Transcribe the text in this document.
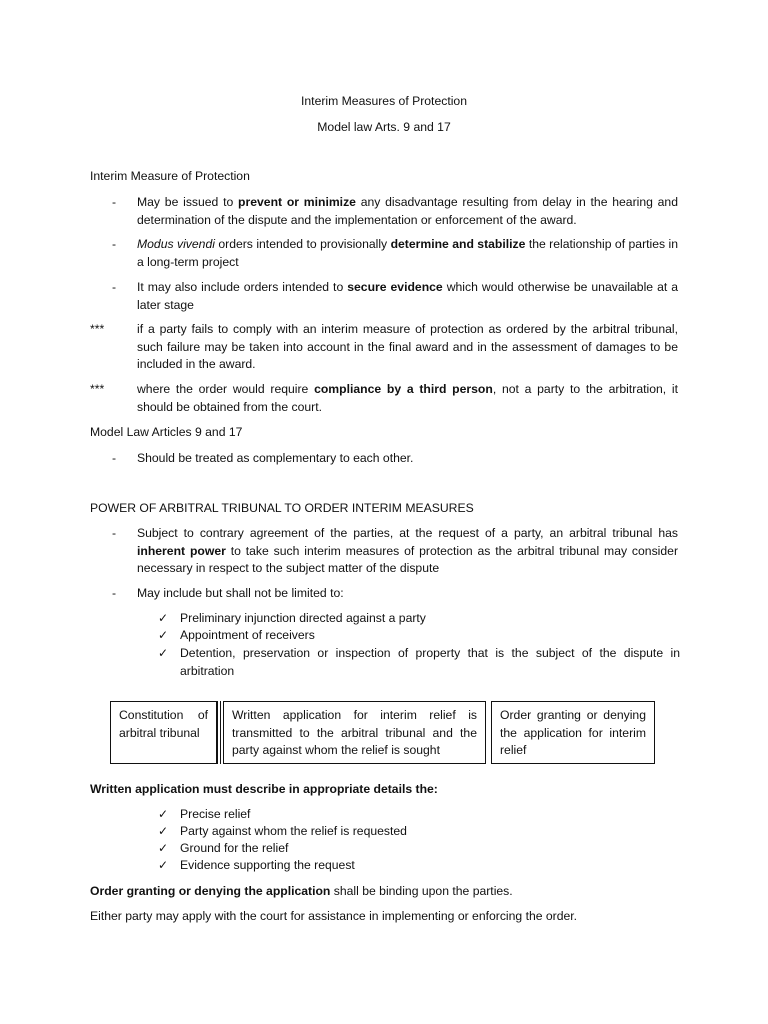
Interim Measures of Protection
Model law Arts. 9 and 17
Interim Measure of Protection
- May be issued to prevent or minimize any disadvantage resulting from delay in the hearing and determination of the dispute and the implementation or enforcement of the award.
- Modus vivendi orders intended to provisionally determine and stabilize the relationship of parties in a long-term project
- It may also include orders intended to secure evidence which would otherwise be unavailable at a later stage
***	if a party fails to comply with an interim measure of protection as ordered by the arbitral tribunal, such failure may be taken into account in the final award and in the assessment of damages to be included in the award.
***	where the order would require compliance by a third person, not a party to the arbitration, it should be obtained from the court.
Model Law Articles 9 and 17
- Should be treated as complementary to each other.
POWER OF ARBITRAL TRIBUNAL TO ORDER INTERIM MEASURES
- Subject to contrary agreement of the parties, at the request of a party, an arbitral tribunal has inherent power to take such interim measures of protection as the arbitral tribunal may consider necessary in respect to the subject matter of the dispute
- May include but shall not be limited to:
✓ Preliminary injunction directed against a party
✓ Appointment of receivers
✓ Detention, preservation or inspection of property that is the subject of the dispute in arbitration
Constitution of arbitral tribunal
Written application for interim relief is transmitted to the arbitral tribunal and the party against whom the relief is sought
Order granting or denying the application for interim relief
Written application must describe in appropriate details the:
✓ Precise relief
✓ Party against whom the relief is requested
✓ Ground for the relief
✓ Evidence supporting the request
Order granting or denying the application shall be binding upon the parties.
Either party may apply with the court for assistance in implementing or enforcing the order.
